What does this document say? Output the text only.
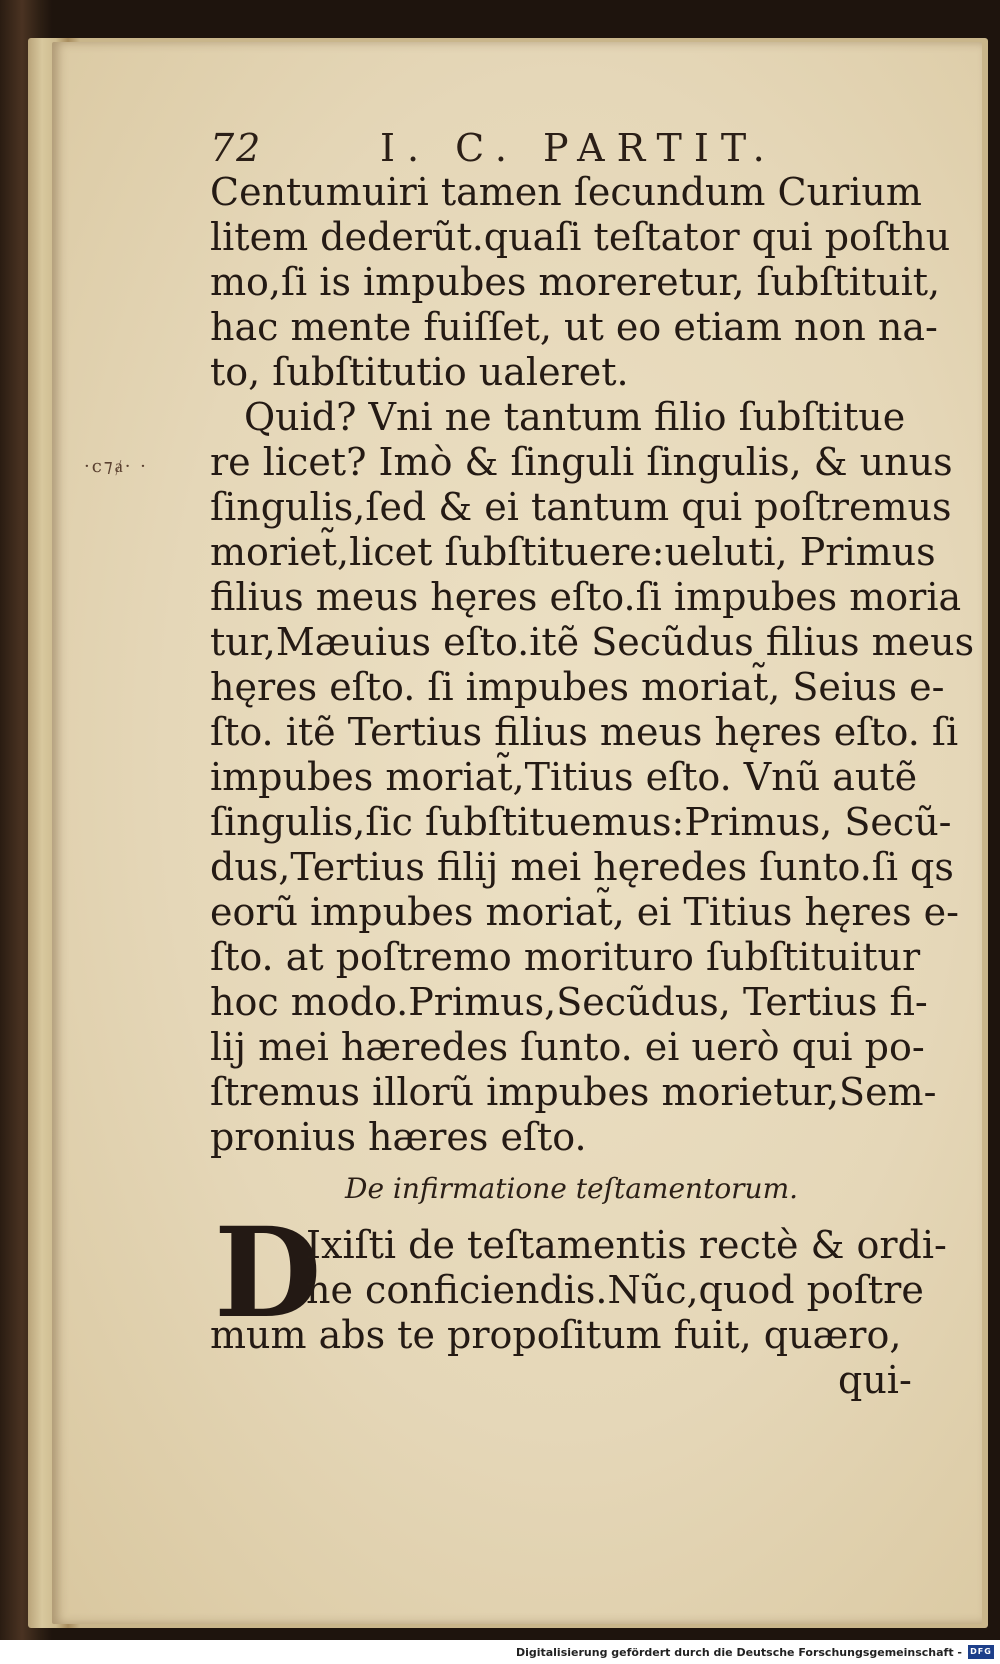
72	I. C. PARTIT.
·ϲ⁊ⱥ· ·
Centumuiri tamen ſecundum Curium
litem dederũt.quaſi teſtator qui poſthu
mo,ſi is impubes moreretur, ſubſtituit,
hac mente fuiſſet, ut eo etiam non na-
to, ſubſtitutio ualeret.
Quid? Vni ne tantum filio ſubſtitue
re licet? Imò & ſinguli ſingulis, & unus
ſingulis,ſed & ei tantum qui poſtremus
moriet̃,licet ſubſtituere:ueluti, Primus
filius meus hęres eſto.ſi impubes moria
tur,Mæuius eſto.itẽ Secũdus filius meus
hęres eſto. ſi impubes moriat̃, Seius e-
ſto. itẽ Tertius filius meus hęres eſto. ſi
impubes moriat̃,Titius eſto. Vnũ autẽ
ſingulis,ſic ſubſtituemus:Primus, Secũ-
dus,Tertius filij mei hęredes ſunto.ſi qs
eorũ impubes moriat̃, ei Titius hęres e-
ſto. at poſtremo morituro ſubſtituitur
hoc modo.Primus,Secũdus, Tertius fi-
lij mei hæredes ſunto. ei uerò qui po-
ſtremus illorũ impubes morietur,Sem-
pronius hæres eſto.
De infirmatione teſtamentorum.
D
Ixiſti de teſtamentis rectè & ordi-
ne conficiendis.Nũc,quod poſtre
mum abs te propoſitum fuit, quæro,
qui-
Digitalisierung gefördert durch die Deutsche Forschungsgemeinschaft - DFG
